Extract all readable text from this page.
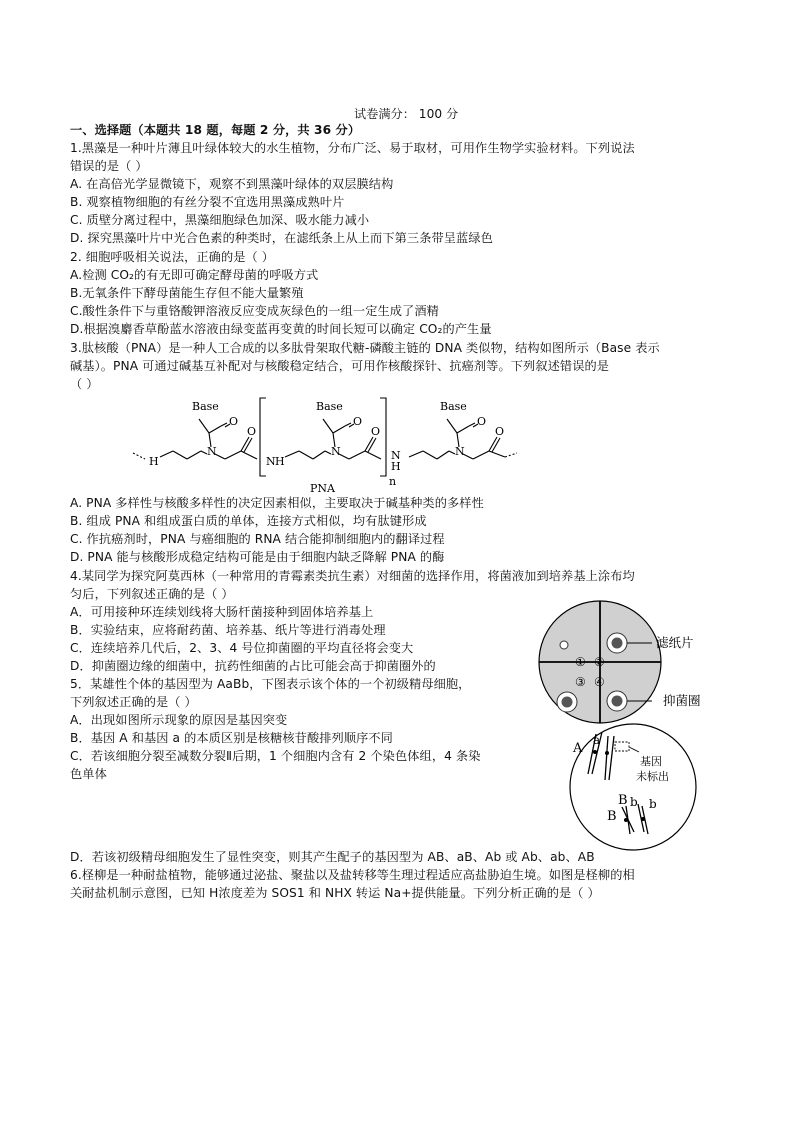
试卷满分： 100 分
一、选择题（本题共 18 题，每题 2 分，共 36 分）
1.黑藻是一种叶片薄且叶绿体较大的水生植物，分布广泛、易于取材，可用作生物学实验材料。下列说法
错误的是（ ）
A. 在高倍光学显微镜下，观察不到黑藻叶绿体的双层膜结构
B. 观察植物细胞的有丝分裂不宜选用黑藻成熟叶片
C. 质壁分离过程中，黑藻细胞绿色加深、吸水能力减小
D. 探究黑藻叶片中光合色素的种类时，在滤纸条上从上而下第三条带呈蓝绿色
2. 细胞呼吸相关说法，正确的是（ ）
A.检测 CO₂的有无即可确定酵母菌的呼吸方式
B.无氧条件下酵母菌能生存但不能大量繁殖
C.酸性条件下与重铬酸钾溶液反应变成灰绿色的一组一定生成了酒精
D.根据溴麝香草酚蓝水溶液由绿变蓝再变黄的时间长短可以确定 CO₂的产生量
3.肽核酸（PNA）是一种人工合成的以多肽骨架取代糖-磷酸主链的 DNA 类似物，结构如图所示（Base 表示
碱基）。PNA 可通过碱基互补配对与核酸稳定结合，可用作核酸探针、抗癌剂等。下列叙述错误的是
（ ）
H
N
Base
O
O
N H
N
Base
O
O
n
N
H
N
Base
O
O
PNA
A. PNA 多样性与核酸多样性的决定因素相似，主要取决于碱基种类的多样性
B. 组成 PNA 和组成蛋白质的单体，连接方式相似，均有肽键形成
C. 作抗癌剂时，PNA 与癌细胞的 RNA 结合能抑制细胞内的翻译过程
D. PNA 能与核酸形成稳定结构可能是由于细胞内缺乏降解 PNA 的酶
4.某同学为探究阿莫西林（一种常用的青霉素类抗生素）对细菌的选择作用，将菌液加到培养基上涂布均
匀后，下列叙述正确的是（ ）
A．可用接种环连续划线将大肠杆菌接种到固体培养基上
B．实验结束，应将耐药菌、培养基、纸片等进行消毒处理
C．连续培养几代后，2、3、4 号位抑菌圈的平均直径将会变大
D．抑菌圈边缘的细菌中，抗药性细菌的占比可能会高于抑菌圈外的	① ②
③ ④
滤纸片
抑菌圈
5．某雄性个体的基因型为 AaBb，下图表示该个体的一个初级精母细胞，
下列叙述正确的是（ ）
A．出现如图所示现象的原因是基因突变
B．基因 A 和基因 a 的本质区别是核糖核苷酸排列顺序不同
C．若该细胞分裂至减数分裂Ⅱ后期，1 个细胞内含有 2 个染色体组，4 条染
色单体
A
a
B b b
B
基因
未标出
D．若该初级精母细胞发生了显性突变，则其产生配子的基因型为 AB、aB、Ab 或 Ab、ab、AB
6.柽柳是一种耐盐植物，能够通过泌盐、聚盐以及盐转移等生理过程适应高盐胁迫生境。如图是柽柳的相
关耐盐机制示意图，已知 H浓度差为 SOS1 和 NHX 转运 Na+提供能量。下列分析正确的是（ ）
